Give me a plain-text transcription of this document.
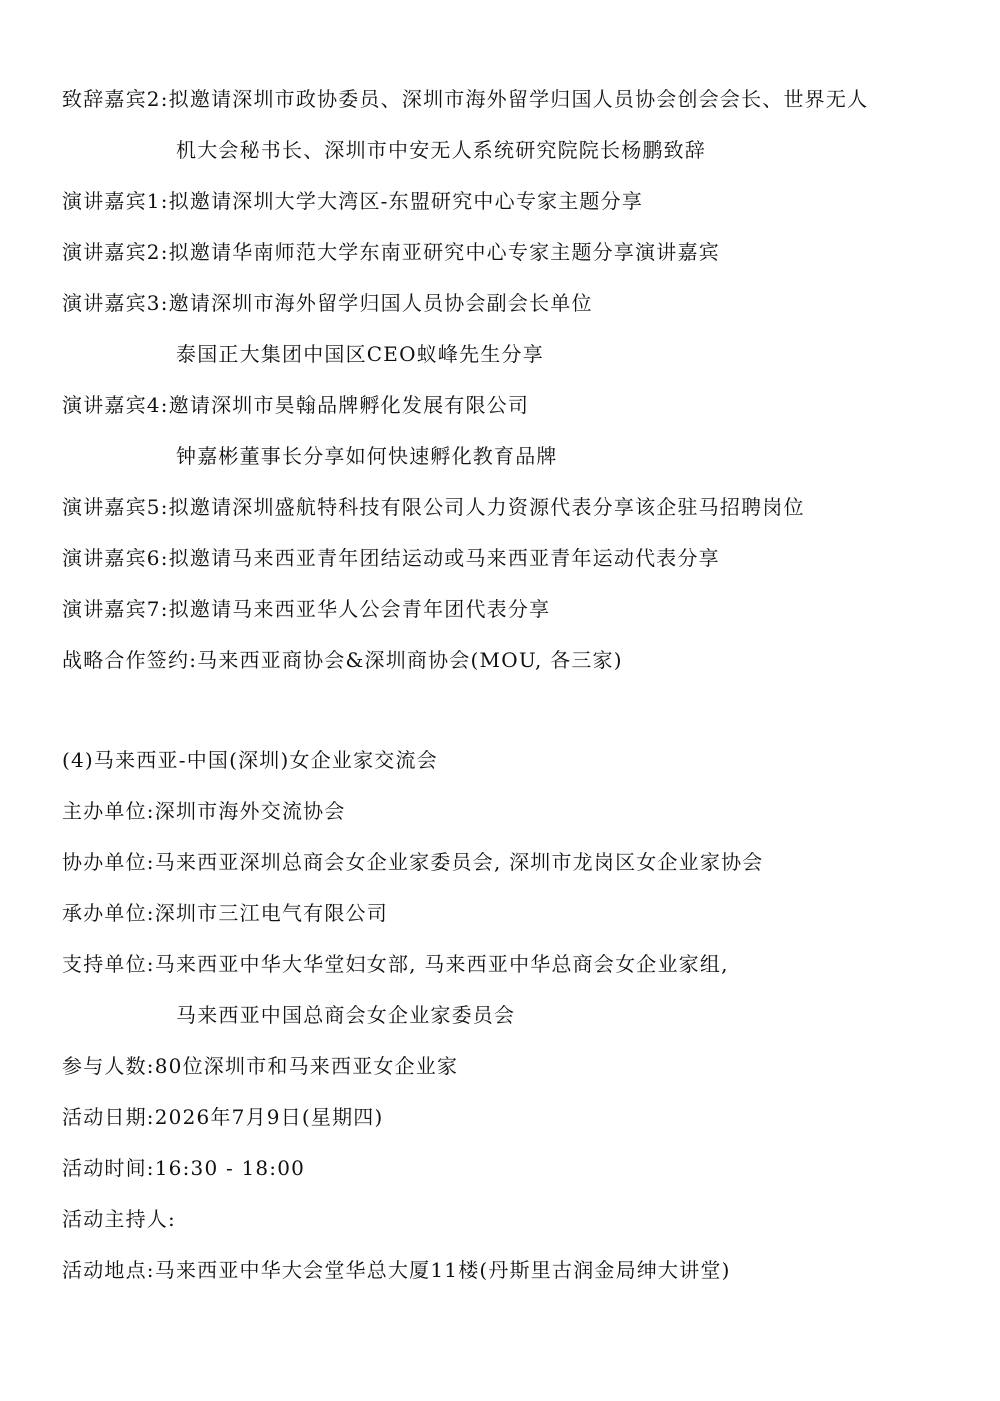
致辞嘉宾2:拟邀请深圳市政协委员、深圳市海外留学归国人员协会创会会长、世界无人
机大会秘书长、深圳市中安无人系统研究院院长杨鹏致辞
演讲嘉宾1:拟邀请深圳大学大湾区-东盟研究中心专家主题分享
演讲嘉宾2:拟邀请华南师范大学东南亚研究中心专家主题分享演讲嘉宾
演讲嘉宾3:邀请深圳市海外留学归国人员协会副会长单位
泰国正大集团中国区CEO蚁峰先生分享
演讲嘉宾4:邀请深圳市昊翰品牌孵化发展有限公司
钟嘉彬董事长分享如何快速孵化教育品牌
演讲嘉宾5:拟邀请深圳盛航特科技有限公司人力资源代表分享该企驻马招聘岗位
演讲嘉宾6:拟邀请马来西亚青年团结运动或马来西亚青年运动代表分享
演讲嘉宾7:拟邀请马来西亚华人公会青年团代表分享
战略合作签约:马来西亚商协会&深圳商协会(MOU, 各三家)
(4)马来西亚-中国(深圳)女企业家交流会
主办单位:深圳市海外交流协会
协办单位:马来西亚深圳总商会女企业家委员会, 深圳市龙岗区女企业家协会
承办单位:深圳市三江电气有限公司
支持单位:马来西亚中华大华堂妇女部, 马来西亚中华总商会女企业家组,
马来西亚中国总商会女企业家委员会
参与人数:80位深圳市和马来西亚女企业家
活动日期:2026年7月9日(星期四)
活动时间:16:30 - 18:00
活动主持人:
活动地点:马来西亚中华大会堂华总大厦11楼(丹斯里古润金局绅大讲堂)
